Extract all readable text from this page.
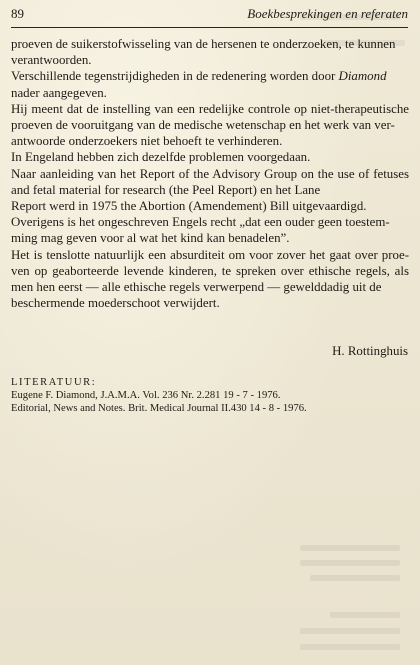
89	Boekbesprekingen en referaten

proeven de suikerstofwisseling van de hersenen te onderzoeken, te kunnen
verantwoorden.

Verschillende tegenstrijdigheden in de redenering worden door Diamond
nader aangegeven.

Hij meent dat de instelling van een redelijke controle op niet-therapeutische proeven de vooruitgang van de medische wetenschap en het werk van ver-
antwoorde onderzoekers niet behoeft te verhinderen.

In Engeland hebben zich dezelfde problemen voorgedaan.

Naar aanleiding van het Report of the Advisory Group on the use of fetuses and fetal material for research (the Peel Report) en het Lane
Report werd in 1975 the Abortion (Amendement) Bill uitgevaardigd.

Overigens is het ongeschreven Engels recht „dat een ouder geen toestem-
ming mag geven voor al wat het kind kan benadelen”.

Het is tenslotte natuurlijk een absurditeit om voor zover het gaat over proe- ven op geaborteerde levende kinderen, te spreken over ethische regels, als men hen eerst — alle ethische regels verwerpend — gewelddadig uit de
beschermende moederschoot verwijdert.

H. Rottinghuis
LITERATUUR:
Eugene F. Diamond, J.A.M.A. Vol. 236 Nr. 2.281 19 - 7 - 1976.
Editorial, News and Notes. Brit. Medical Journal II.430 14 - 8 - 1976.
